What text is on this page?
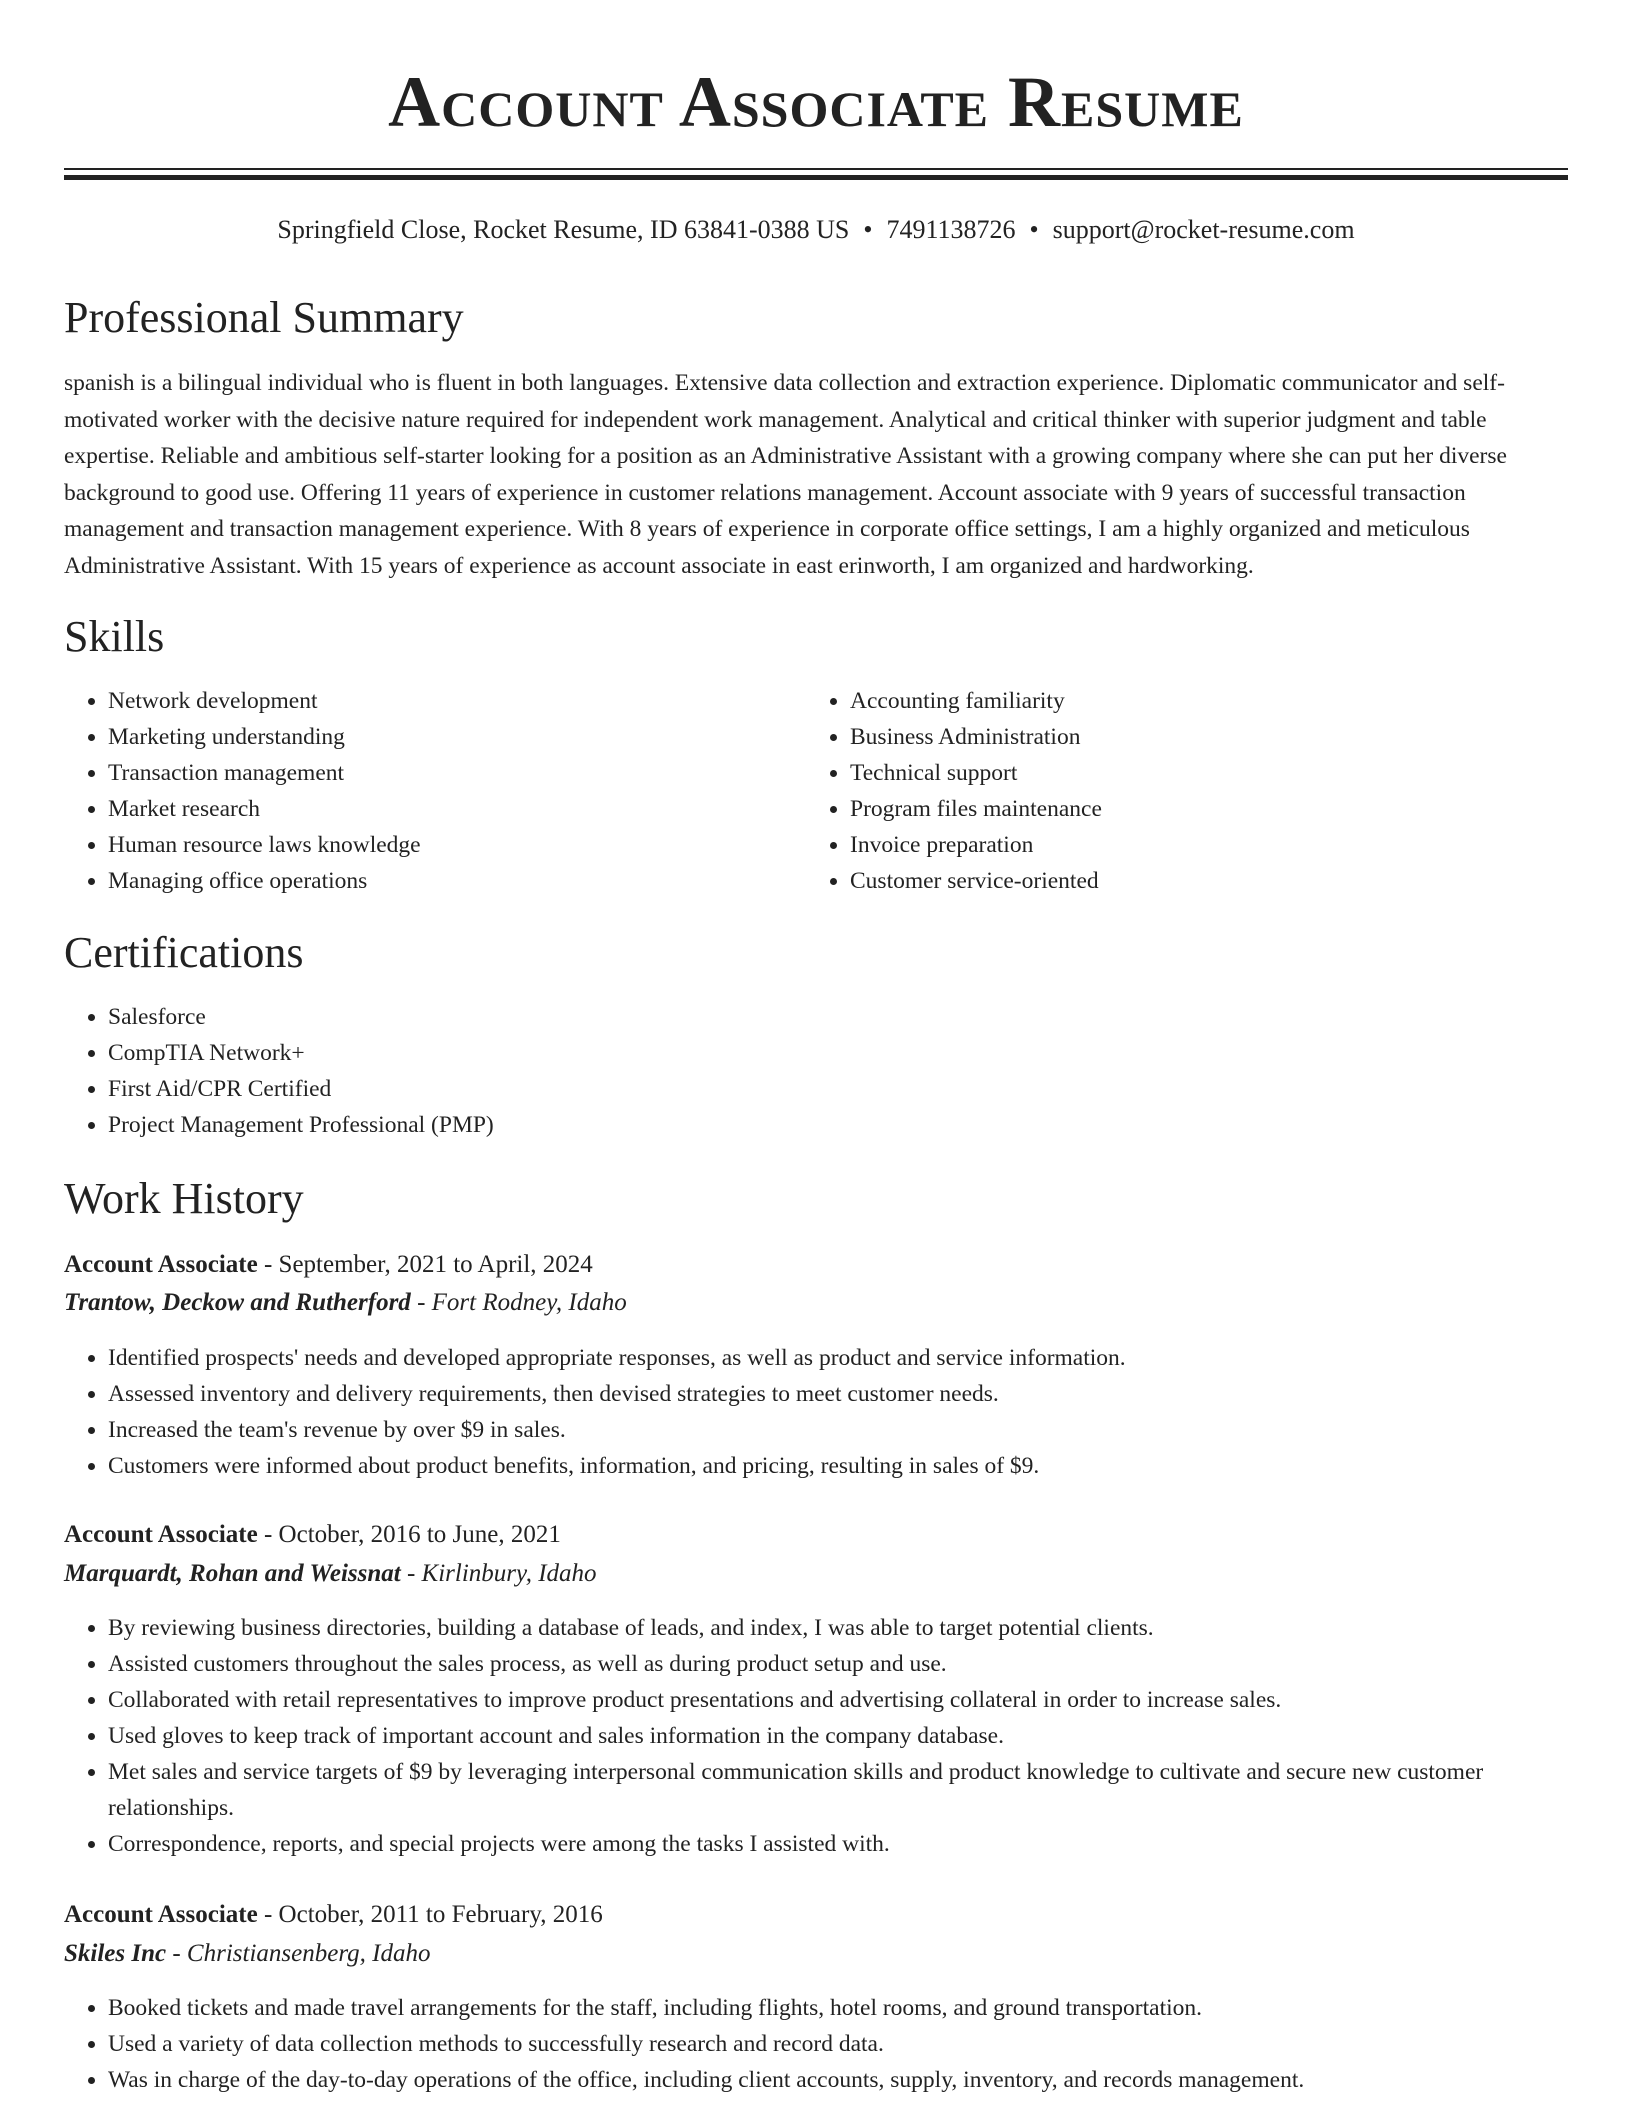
Account Associate Resume
Springfield Close, Rocket Resume, ID 63841-0388 US • 7491138726 • support@rocket-resume.com
Professional Summary
spanish is a bilingual individual who is fluent in both languages. Extensive data collection and extraction experience. Diplomatic communicator and self-motivated worker with the decisive nature required for independent work management. Analytical and critical thinker with superior judgment and table expertise. Reliable and ambitious self-starter looking for a position as an Administrative Assistant with a growing company where she can put her diverse background to good use. Offering 11 years of experience in customer relations management. Account associate with 9 years of successful transaction management and transaction management experience. With 8 years of experience in corporate office settings, I am a highly organized and meticulous Administrative Assistant. With 15 years of experience as account associate in east erinworth, I am organized and hardworking.
Skills
• Network development
• Marketing understanding
• Transaction management
• Market research
• Human resource laws knowledge
• Managing office operations
• Accounting familiarity
• Business Administration
• Technical support
• Program files maintenance
• Invoice preparation
• Customer service-oriented
Certifications
• Salesforce
• CompTIA Network+
• First Aid/CPR Certified
• Project Management Professional (PMP)
Work History
Account Associate - September, 2021 to April, 2024
Trantow, Deckow and Rutherford - Fort Rodney, Idaho
• Identified prospects' needs and developed appropriate responses, as well as product and service information.
• Assessed inventory and delivery requirements, then devised strategies to meet customer needs.
• Increased the team's revenue by over $9 in sales.
• Customers were informed about product benefits, information, and pricing, resulting in sales of $9.
Account Associate - October, 2016 to June, 2021
Marquardt, Rohan and Weissnat - Kirlinbury, Idaho
• By reviewing business directories, building a database of leads, and index, I was able to target potential clients.
• Assisted customers throughout the sales process, as well as during product setup and use.
• Collaborated with retail representatives to improve product presentations and advertising collateral in order to increase sales.
• Used gloves to keep track of important account and sales information in the company database.
• Met sales and service targets of $9 by leveraging interpersonal communication skills and product knowledge to cultivate and secure new customer relationships.
• Correspondence, reports, and special projects were among the tasks I assisted with.
Account Associate - October, 2011 to February, 2016
Skiles Inc - Christiansenberg, Idaho
• Booked tickets and made travel arrangements for the staff, including flights, hotel rooms, and ground transportation.
• Used a variety of data collection methods to successfully research and record data.
• Was in charge of the day-to-day operations of the office, including client accounts, supply, inventory, and records management.
